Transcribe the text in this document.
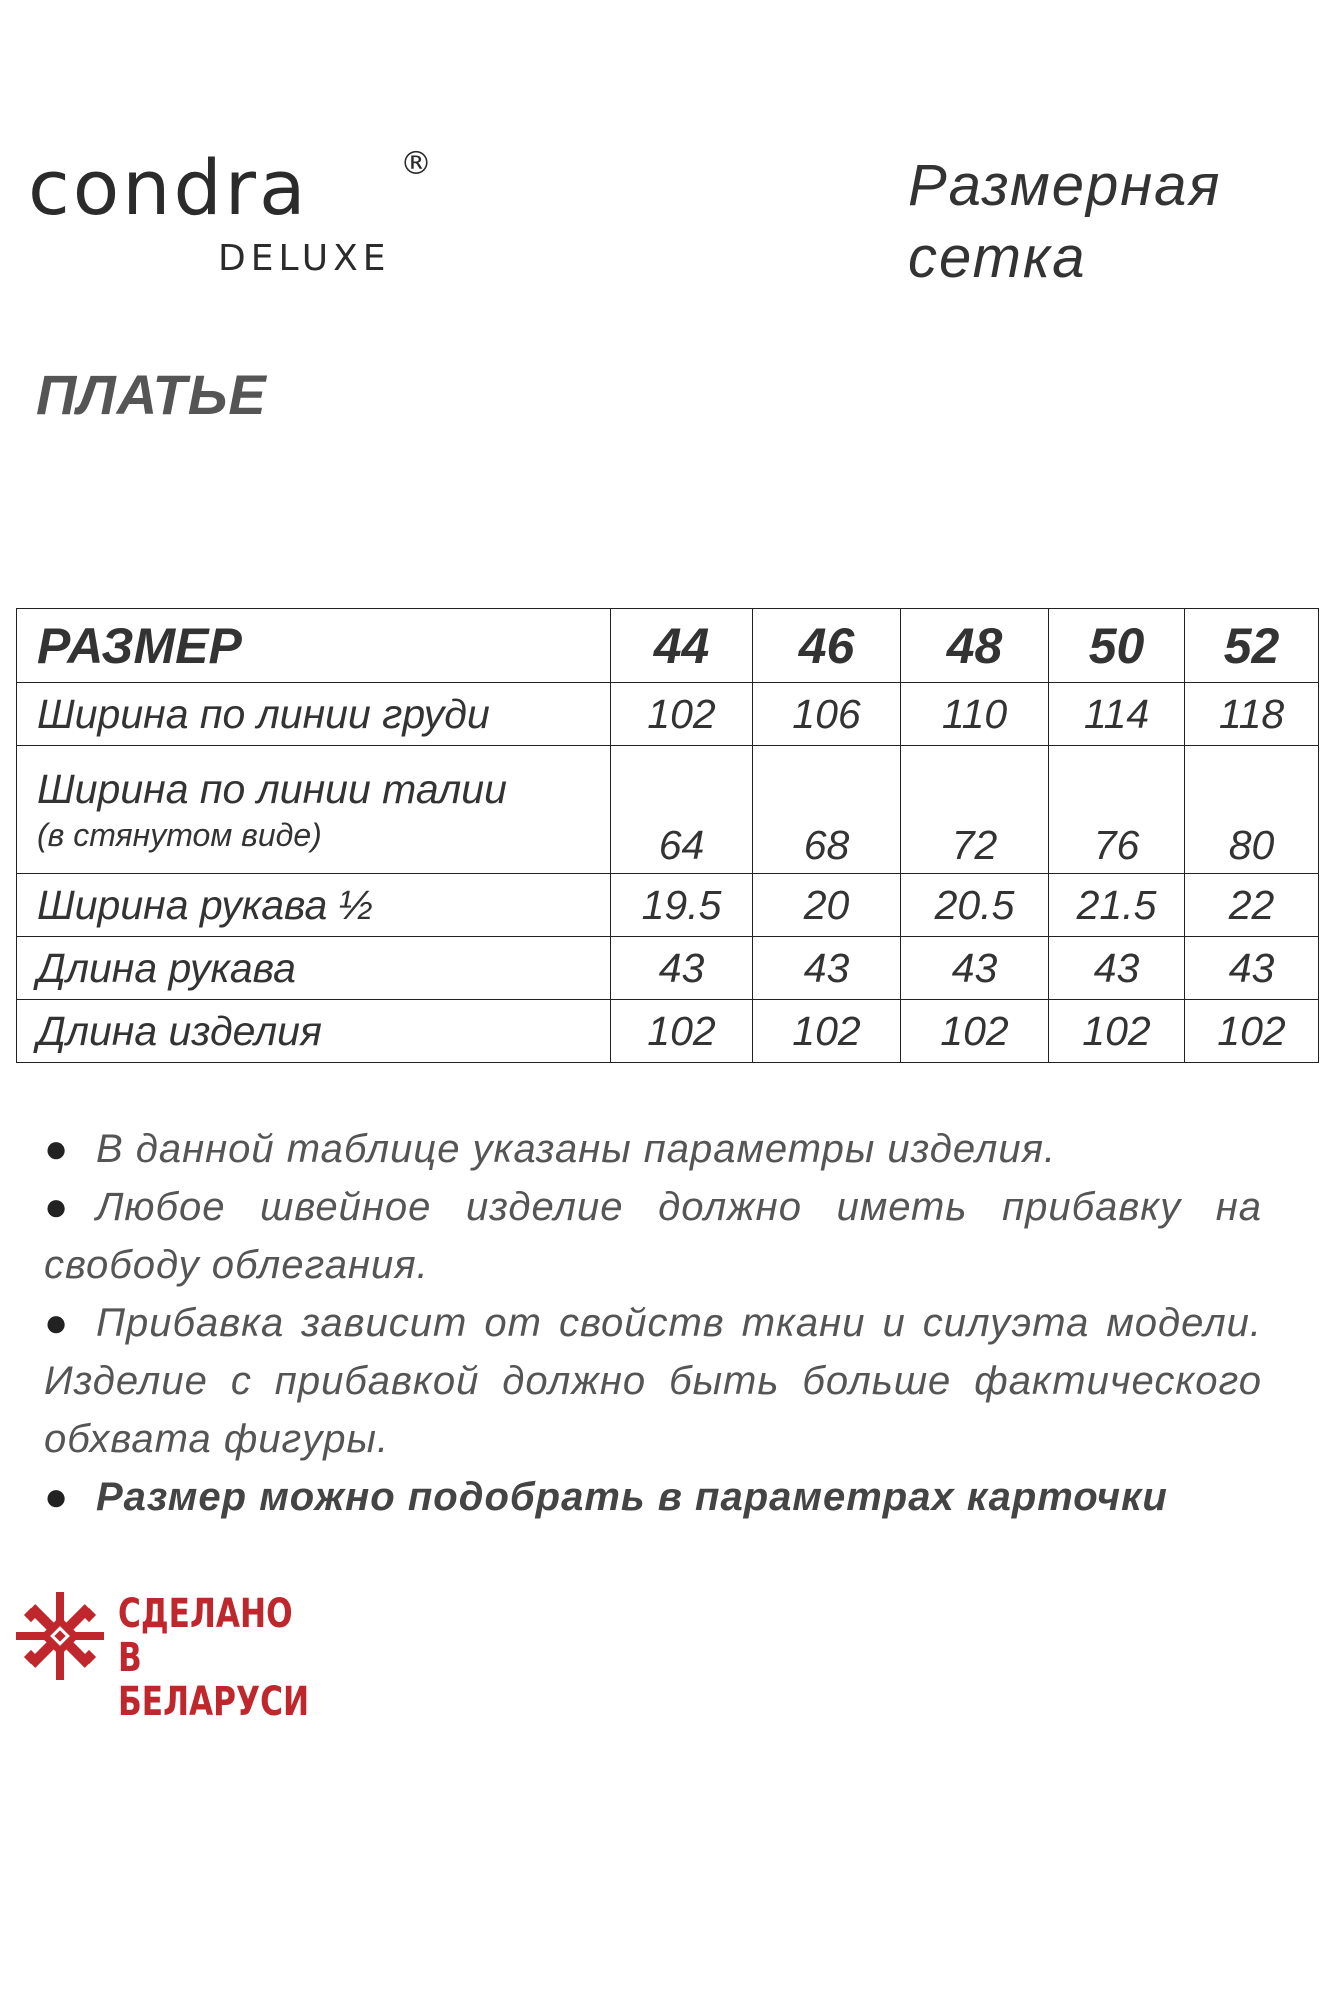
condra	®
DELUXE
Размерная сетка
ПЛАТЬЕ
РАЗМЕР	44	46	48	50	52
Ширина по линии груди	102	106	110	114	118
Ширина по линии талии
(в стянутом виде)	64	68	72	76	80
Ширина рукава ½	19.5	20	20.5	21.5	22
Длина рукава	43	43	43	43	43
Длина изделия	102	102	102	102	102
● В данной таблице указаны параметры изделия.
● Любое швейное изделие должно иметь прибавку на свободу облегания.
● Прибавка зависит от свойств ткани и силуэта модели. Изделие с прибавкой должно быть больше фактического обхвата фигуры.
● Размер можно подобрать в параметрах карточки
СДЕЛАНО
В БЕЛАРУСИ
